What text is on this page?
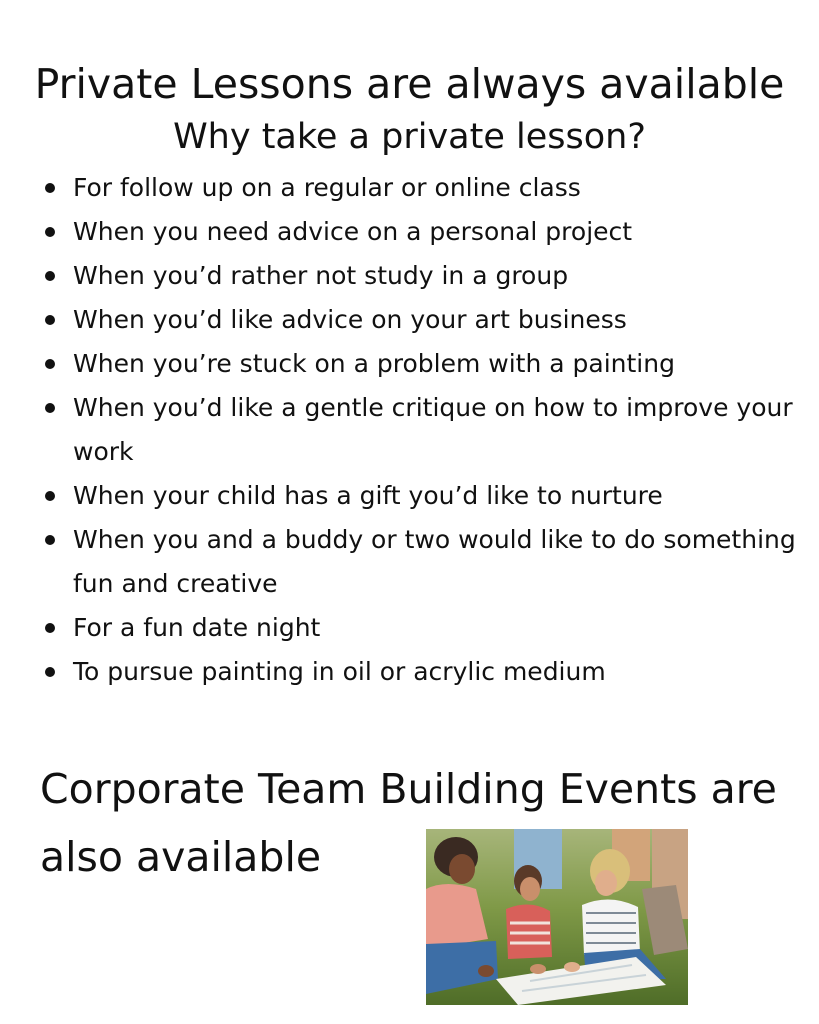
Private Lessons are always available
Why take a private lesson?
For follow up on a regular or online class
When you need advice on a personal project
When you’d rather not study in a group
When you’d like advice on your art business
When you’re stuck on a problem with a painting
When you’d like a gentle critique on how to improve your work
When your child has a gift you’d like to nurture
When you and a buddy or two would like to do something fun and creative
For a fun date night
To pursue painting in oil or acrylic medium

Corporate Team Building Events are also available
